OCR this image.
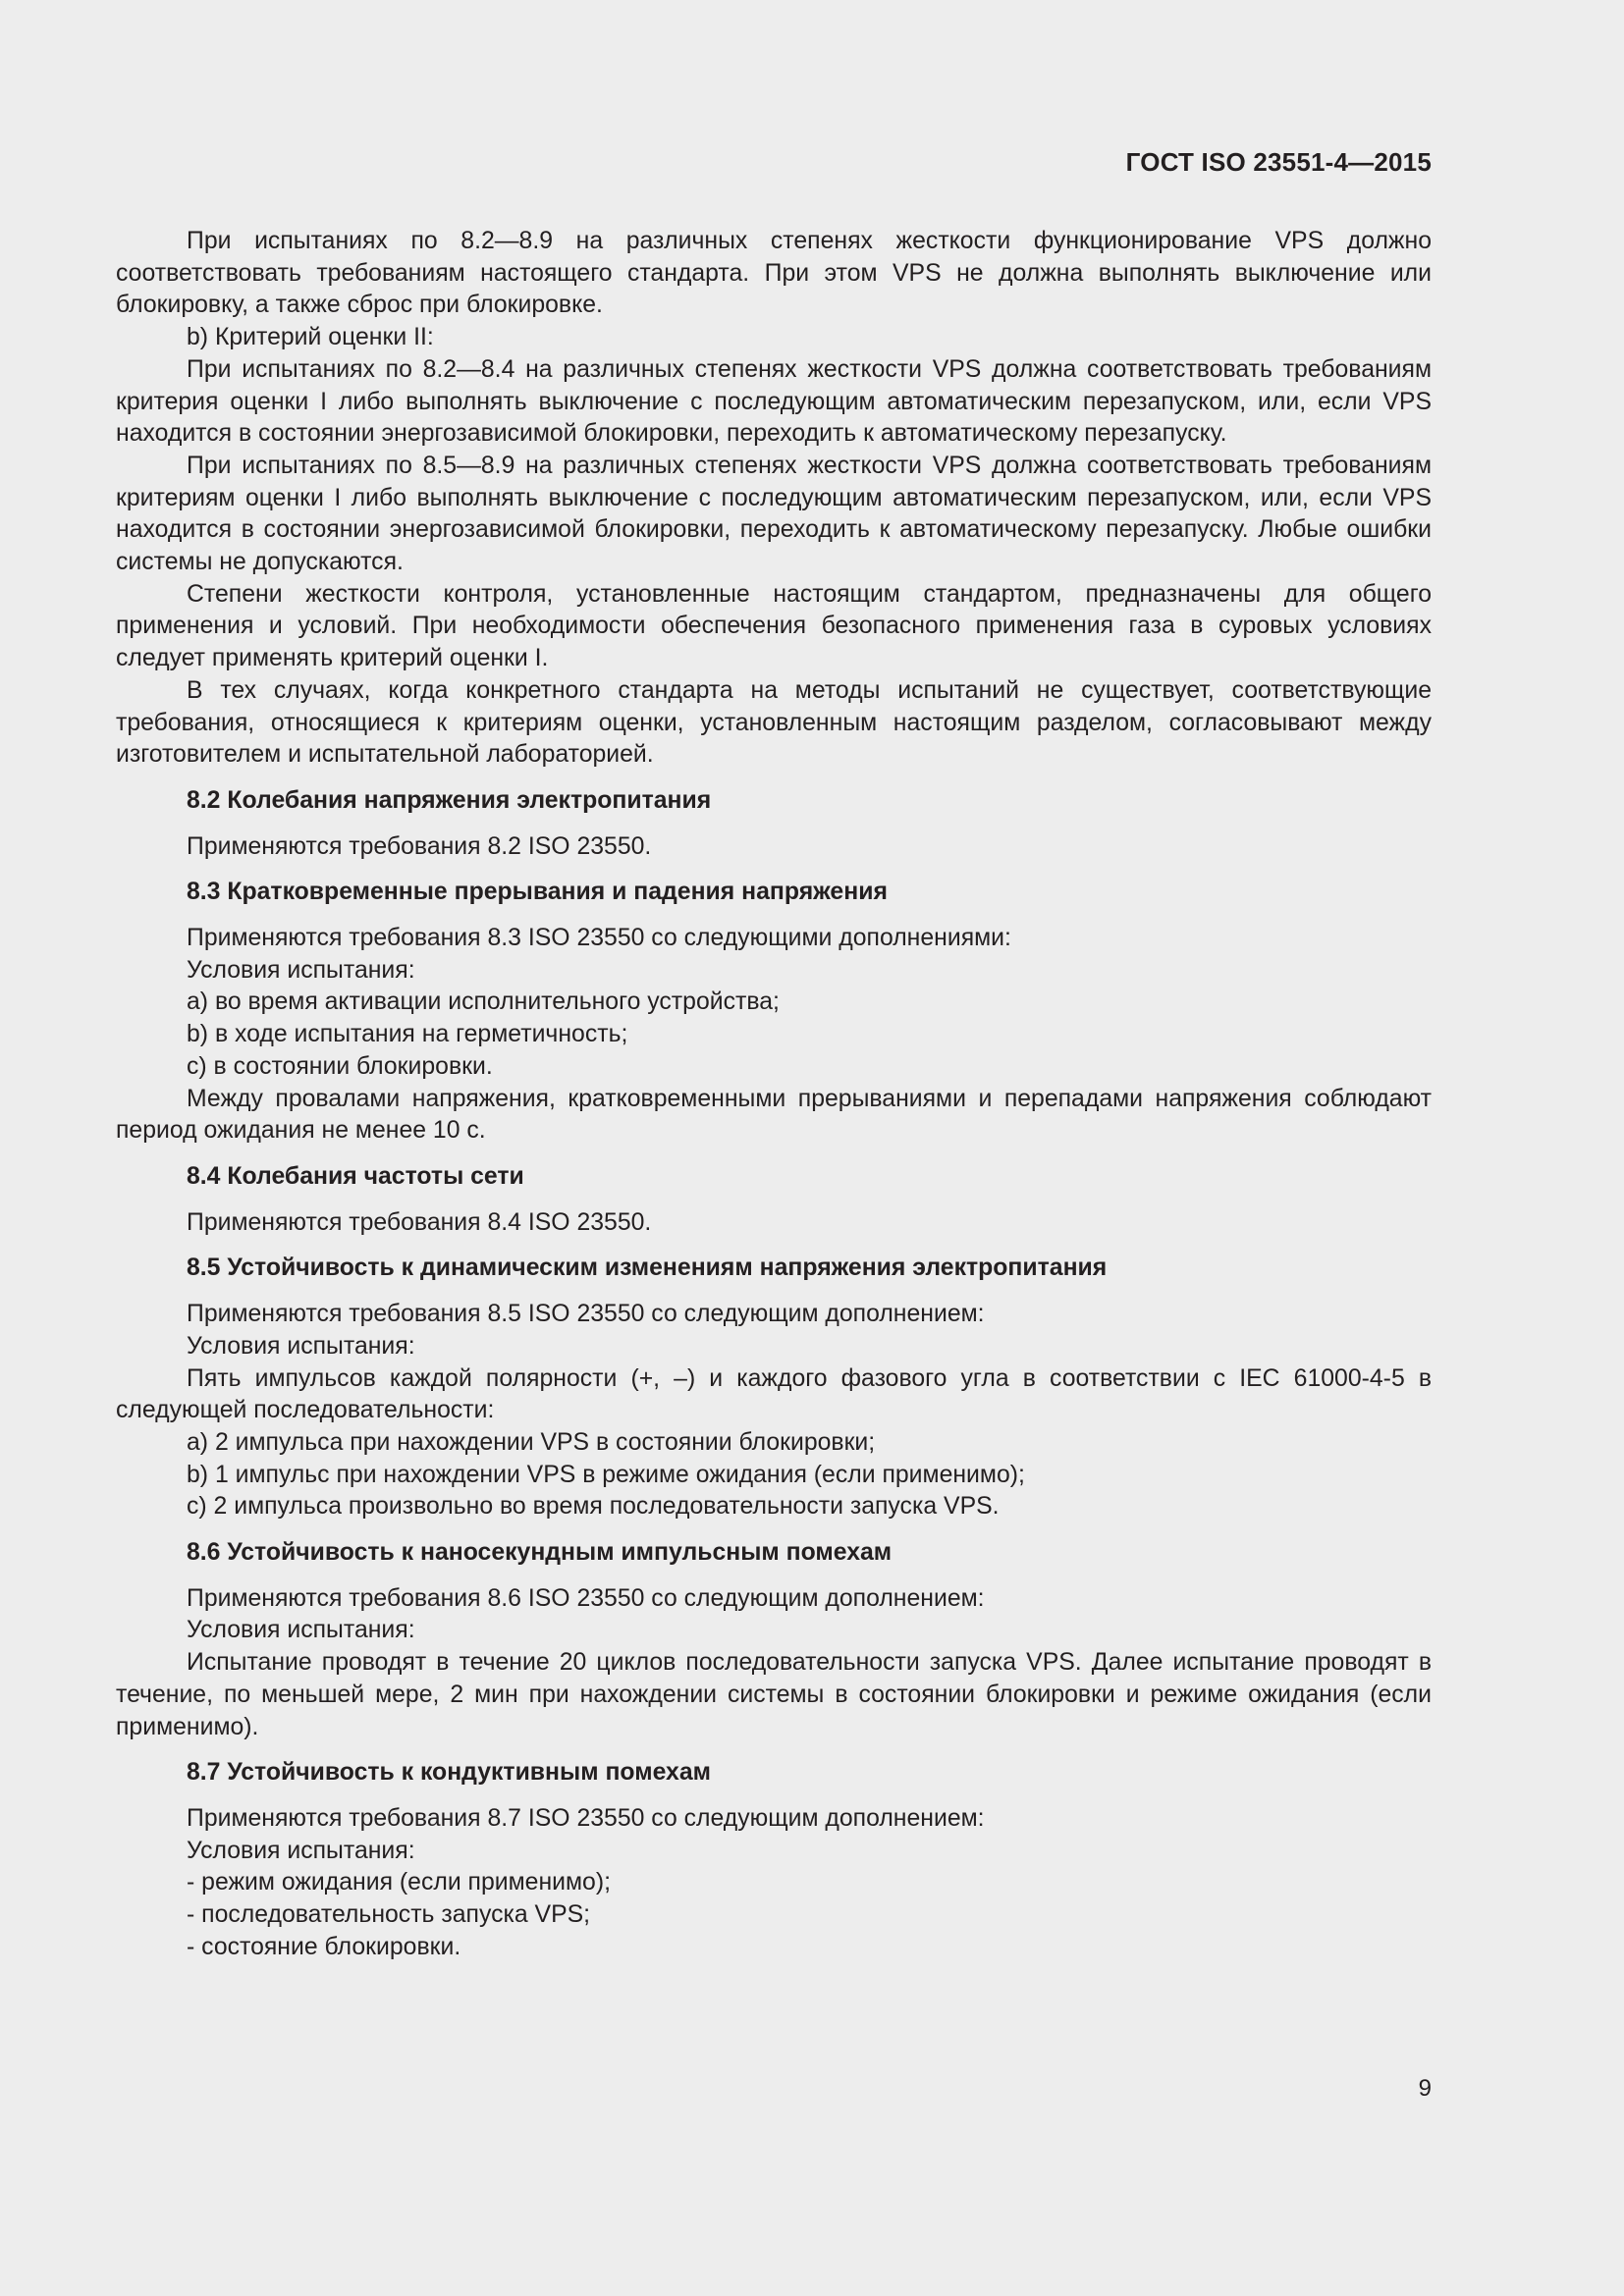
ГОСТ ISO 23551-4—2015

При испытаниях по 8.2—8.9 на различных степенях жесткости функционирование VPS должно соответствовать требованиям настоящего стандарта. При этом VPS не должна выполнять выключение или блокировку, а также сброс при блокировке.

b) Критерий оценки II:

При испытаниях по 8.2—8.4 на различных степенях жесткости VPS должна соответствовать требованиям критерия оценки I либо выполнять выключение с последующим автоматическим перезапуском, или, если VPS находится в состоянии энергозависимой блокировки, переходить к автоматическому перезапуску.

При испытаниях по 8.5—8.9 на различных степенях жесткости VPS должна соответствовать требованиям критериям оценки I либо выполнять выключение с последующим автоматическим перезапуском, или, если VPS находится в состоянии энергозависимой блокировки, переходить к автоматическому перезапуску. Любые ошибки системы не допускаются.

Степени жесткости контроля, установленные настоящим стандартом, предназначены для общего применения и условий. При необходимости обеспечения безопасного применения газа в суровых условиях следует применять критерий оценки I.

В тех случаях, когда конкретного стандарта на методы испытаний не существует, соответствующие требования, относящиеся к критериям оценки, установленным настоящим разделом, согласовывают между изготовителем и испытательной лабораторией.

8.2 Колебания напряжения электропитания

Применяются требования 8.2 ISO 23550.

8.3 Кратковременные прерывания и падения напряжения

Применяются требования 8.3 ISO 23550 со следующими дополнениями:

Условия испытания:

а) во время активации исполнительного устройства;

b) в ходе испытания на герметичность;

с) в состоянии блокировки.

Между провалами напряжения, кратковременными прерываниями и перепадами напряжения соблюдают период ожидания не менее 10 с.

8.4 Колебания частоты сети

Применяются требования 8.4 ISO 23550.

8.5 Устойчивость к динамическим изменениям напряжения электропитания

Применяются требования 8.5 ISO 23550 со следующим дополнением:

Условия испытания:

Пять импульсов каждой полярности (+, –) и каждого фазового угла в соответствии с IEC 61000-4-5 в следующей последовательности:

а) 2 импульса при нахождении VPS в состоянии блокировки;

b) 1 импульс при нахождении VPS в режиме ожидания (если применимо);

с) 2 импульса произвольно во время последовательности запуска VPS.

8.6 Устойчивость к наносекундным импульсным помехам

Применяются требования 8.6 ISO 23550 со следующим дополнением:

Условия испытания:

Испытание проводят в течение 20 циклов последовательности запуска VPS. Далее испытание проводят в течение, по меньшей мере, 2 мин при нахождении системы в состоянии блокировки и режиме ожидания (если применимо).

8.7 Устойчивость к кондуктивным помехам

Применяются требования 8.7 ISO 23550 со следующим дополнением:

Условия испытания:

- режим ожидания (если применимо);

- последовательность запуска VPS;

- состояние блокировки.

9
